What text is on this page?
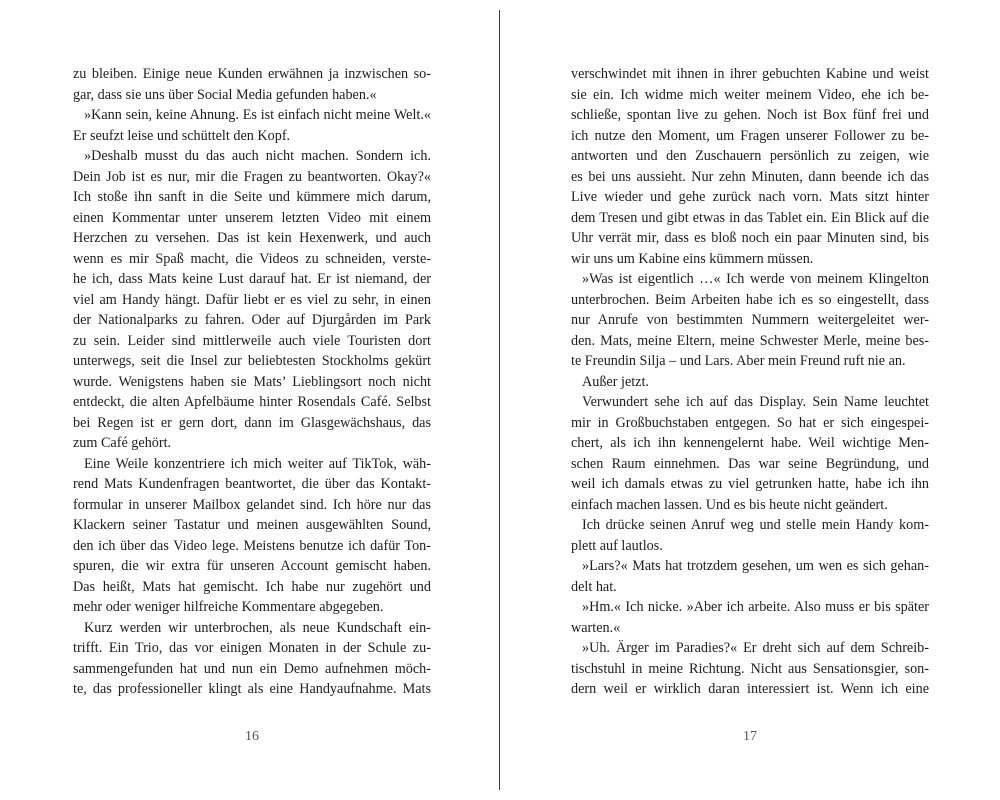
zu bleiben. Einige neue Kunden erwähnen ja inzwischen so-
gar, dass sie uns über Social Media gefunden haben.«
»Kann sein, keine Ahnung. Es ist einfach nicht meine Welt.«
Er seufzt leise und schüttelt den Kopf.
»Deshalb musst du das auch nicht machen. Sondern ich.
Dein Job ist es nur, mir die Fragen zu beantworten. Okay?«
Ich stoße ihn sanft in die Seite und kümmere mich darum,
einen Kommentar unter unserem letzten Video mit einem
Herzchen zu versehen. Das ist kein Hexenwerk, und auch
wenn es mir Spaß macht, die Videos zu schneiden, verste-
he ich, dass Mats keine Lust darauf hat. Er ist niemand, der
viel am Handy hängt. Dafür liebt er es viel zu sehr, in einen
der Nationalparks zu fahren. Oder auf Djurgården im Park
zu sein. Leider sind mittlerweile auch viele Touristen dort
unterwegs, seit die Insel zur beliebtesten Stockholms gekürt
wurde. Wenigstens haben sie Mats’ Lieblingsort noch nicht
entdeckt, die alten Apfelbäume hinter Rosendals Café. Selbst
bei Regen ist er gern dort, dann im Glasgewächshaus, das
zum Café gehört.
Eine Weile konzentriere ich mich weiter auf TikTok, wäh-
rend Mats Kundenfragen beantwortet, die über das Kontakt-
formular in unserer Mailbox gelandet sind. Ich höre nur das
Klackern seiner Tastatur und meinen ausgewählten Sound,
den ich über das Video lege. Meistens benutze ich dafür Ton-
spuren, die wir extra für unseren Account gemischt haben.
Das heißt, Mats hat gemischt. Ich habe nur zugehört und
mehr oder weniger hilfreiche Kommentare abgegeben.
Kurz werden wir unterbrochen, als neue Kundschaft ein-
trifft. Ein Trio, das vor einigen Monaten in der Schule zu-
sammengefunden hat und nun ein Demo aufnehmen möch-
te, das professioneller klingt als eine Handyaufnahme. Mats
verschwindet mit ihnen in ihrer gebuchten Kabine und weist
sie ein. Ich widme mich weiter meinem Video, ehe ich be-
schließe, spontan live zu gehen. Noch ist Box fünf frei und
ich nutze den Moment, um Fragen unserer Follower zu be-
antworten und den Zuschauern persönlich zu zeigen, wie
es bei uns aussieht. Nur zehn Minuten, dann beende ich das
Live wieder und gehe zurück nach vorn. Mats sitzt hinter
dem Tresen und gibt etwas in das Tablet ein. Ein Blick auf die
Uhr verrät mir, dass es bloß noch ein paar Minuten sind, bis
wir uns um Kabine eins kümmern müssen.
»Was ist eigentlich …« Ich werde von meinem Klingelton
unterbrochen. Beim Arbeiten habe ich es so eingestellt, dass
nur Anrufe von bestimmten Nummern weitergeleitet wer-
den. Mats, meine Eltern, meine Schwester Merle, meine bes-
te Freundin Silja – und Lars. Aber mein Freund ruft nie an.
Außer jetzt.
Verwundert sehe ich auf das Display. Sein Name leuchtet
mir in Großbuchstaben entgegen. So hat er sich eingespei-
chert, als ich ihn kennengelernt habe. Weil wichtige Men-
schen Raum einnehmen. Das war seine Begründung, und
weil ich damals etwas zu viel getrunken hatte, habe ich ihn
einfach machen lassen. Und es bis heute nicht geändert.
Ich drücke seinen Anruf weg und stelle mein Handy kom-
plett auf lautlos.
»Lars?« Mats hat trotzdem gesehen, um wen es sich gehan-
delt hat.
»Hm.« Ich nicke. »Aber ich arbeite. Also muss er bis später
warten.«
»Uh. Ärger im Paradies?« Er dreht sich auf dem Schreib-
tischstuhl in meine Richtung. Nicht aus Sensationsgier, son-
dern weil er wirklich daran interessiert ist. Wenn ich eine
16	17
